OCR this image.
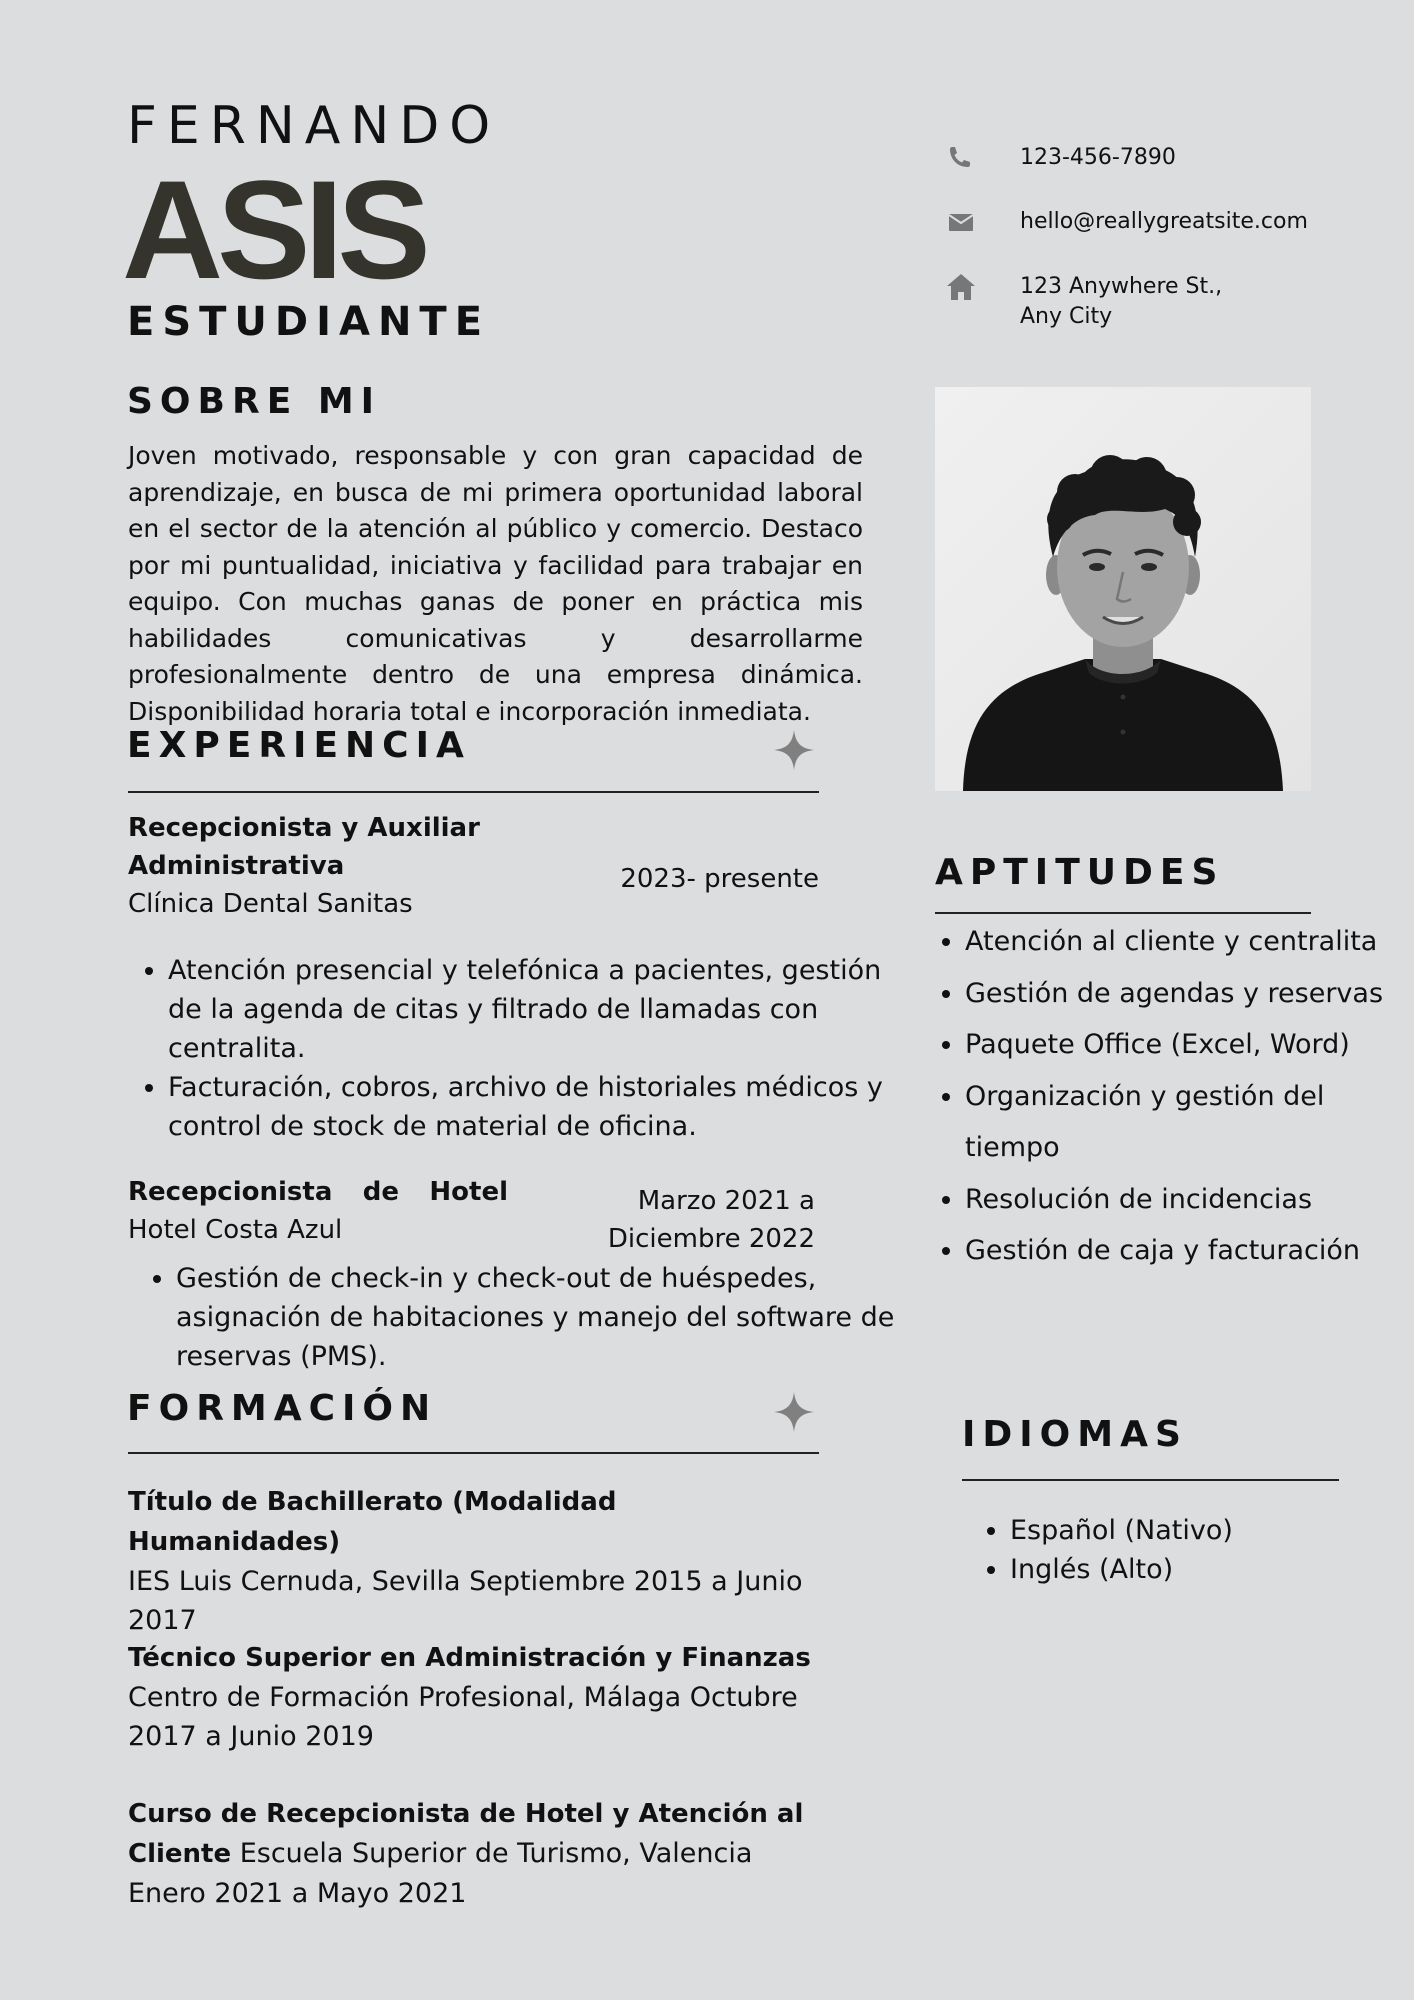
FERNANDO
ASIS
ESTUDIANTE
123-456-7890
hello@reallygreatsite.com
123 Anywhere St.,
Any City
SOBRE MI
Joven motivado, responsable y con gran capacidad de aprendizaje, en busca de mi primera oportunidad laboral en el sector de la atención al público y comercio. Destaco por mi puntualidad, iniciativa y facilidad para trabajar en equipo. Con muchas ganas de poner en práctica mis habilidades comunicativas y desarrollarme profesionalmente dentro de una empresa dinámica. Disponibilidad horaria total e incorporación inmediata.
EXPERIENCIA
Recepcionista y Auxiliar
Administrativa
Clínica Dental Sanitas
2023- presente
• Atención presencial y telefónica a pacientes, gestión de la agenda de citas y filtrado de llamadas con centralita.
• Facturación, cobros, archivo de historiales médicos y control de stock de material de oficina.
Recepcionista de Hotel
Hotel Costa Azul
Marzo 2021 a
Diciembre 2022
• Gestión de check-in y check-out de huéspedes, asignación de habitaciones y manejo del software de reservas (PMS).
FORMACIÓN
Título de Bachillerato (Modalidad Humanidades)
IES Luis Cernuda, Sevilla Septiembre 2015 a Junio 2017
Técnico Superior en Administración y Finanzas
Centro de Formación Profesional, Málaga Octubre 2017 a Junio 2019
Curso de Recepcionista de Hotel y Atención al Cliente Escuela Superior de Turismo, Valencia Enero 2021 a Mayo 2021
APTITUDES
• Atención al cliente y centralita
• Gestión de agendas y reservas
• Paquete Office (Excel, Word)
• Organización y gestión del tiempo
• Resolución de incidencias
• Gestión de caja y facturación
IDIOMAS
• Español (Nativo)
• Inglés (Alto)
